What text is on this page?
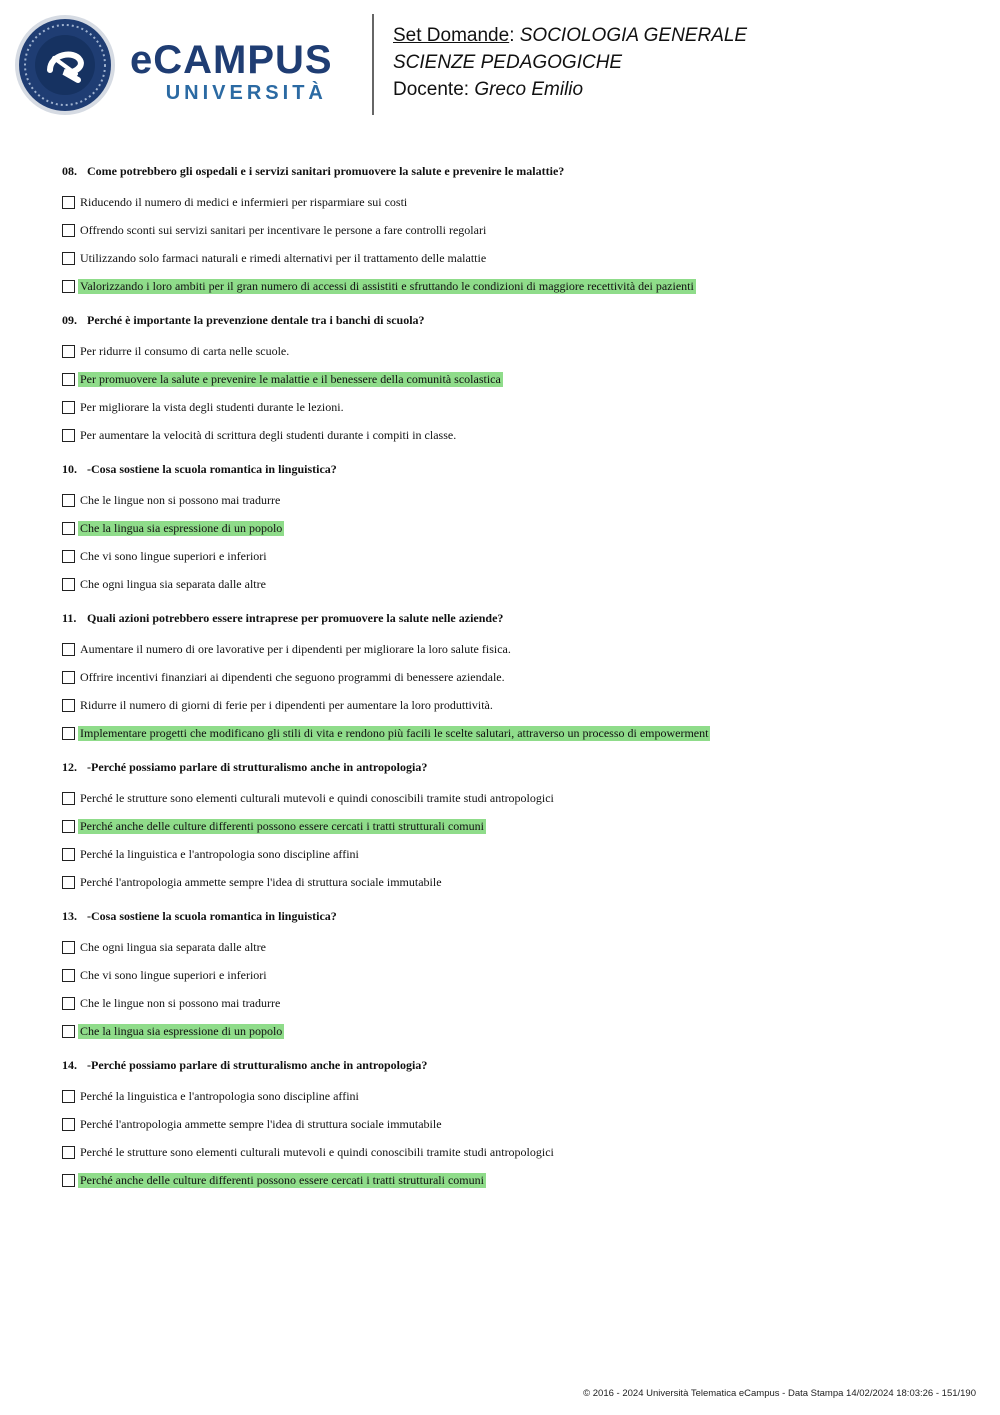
eCAMPUS
UNIVERSITÀ
Set Domande: SOCIOLOGIA GENERALE
SCIENZE PEDAGOGICHE
Docente: Greco Emilio
08. Come potrebbero gli ospedali e i servizi sanitari promuovere la salute e prevenire le malattie?
Riducendo il numero di medici e infermieri per risparmiare sui costi
Offrendo sconti sui servizi sanitari per incentivare le persone a fare controlli regolari
Utilizzando solo farmaci naturali e rimedi alternativi per il trattamento delle malattie
Valorizzando i loro ambiti per il gran numero di accessi di assistiti e sfruttando le condizioni di maggiore recettività dei pazienti
09. Perché è importante la prevenzione dentale tra i banchi di scuola?
Per ridurre il consumo di carta nelle scuole.
Per promuovere la salute e prevenire le malattie e il benessere della comunità scolastica
Per migliorare la vista degli studenti durante le lezioni.
Per aumentare la velocità di scrittura degli studenti durante i compiti in classe.
10. -Cosa sostiene la scuola romantica in linguistica?
Che le lingue non si possono mai tradurre
Che la lingua sia espressione di un popolo
Che vi sono lingue superiori e inferiori
Che ogni lingua sia separata dalle altre
11. Quali azioni potrebbero essere intraprese per promuovere la salute nelle aziende?
Aumentare il numero di ore lavorative per i dipendenti per migliorare la loro salute fisica.
Offrire incentivi finanziari ai dipendenti che seguono programmi di benessere aziendale.
Ridurre il numero di giorni di ferie per i dipendenti per aumentare la loro produttività.
Implementare progetti che modificano gli stili di vita e rendono più facili le scelte salutari, attraverso un processo di empowerment
12. -Perché possiamo parlare di strutturalismo anche in antropologia?
Perché le strutture sono elementi culturali mutevoli e quindi conoscibili tramite studi antropologici
Perché anche delle culture differenti possono essere cercati i tratti strutturali comuni
Perché la linguistica e l'antropologia sono discipline affini
Perché l'antropologia ammette sempre l'idea di struttura sociale immutabile
13. -Cosa sostiene la scuola romantica in linguistica?
Che ogni lingua sia separata dalle altre
Che vi sono lingue superiori e inferiori
Che le lingue non si possono mai tradurre
Che la lingua sia espressione di un popolo
14. -Perché possiamo parlare di strutturalismo anche in antropologia?
Perché la linguistica e l'antropologia sono discipline affini
Perché l'antropologia ammette sempre l'idea di struttura sociale immutabile
Perché le strutture sono elementi culturali mutevoli e quindi conoscibili tramite studi antropologici
Perché anche delle culture differenti possono essere cercati i tratti strutturali comuni
© 2016 - 2024 Università Telematica eCampus - Data Stampa 14/02/2024 18:03:26 - 151/190
